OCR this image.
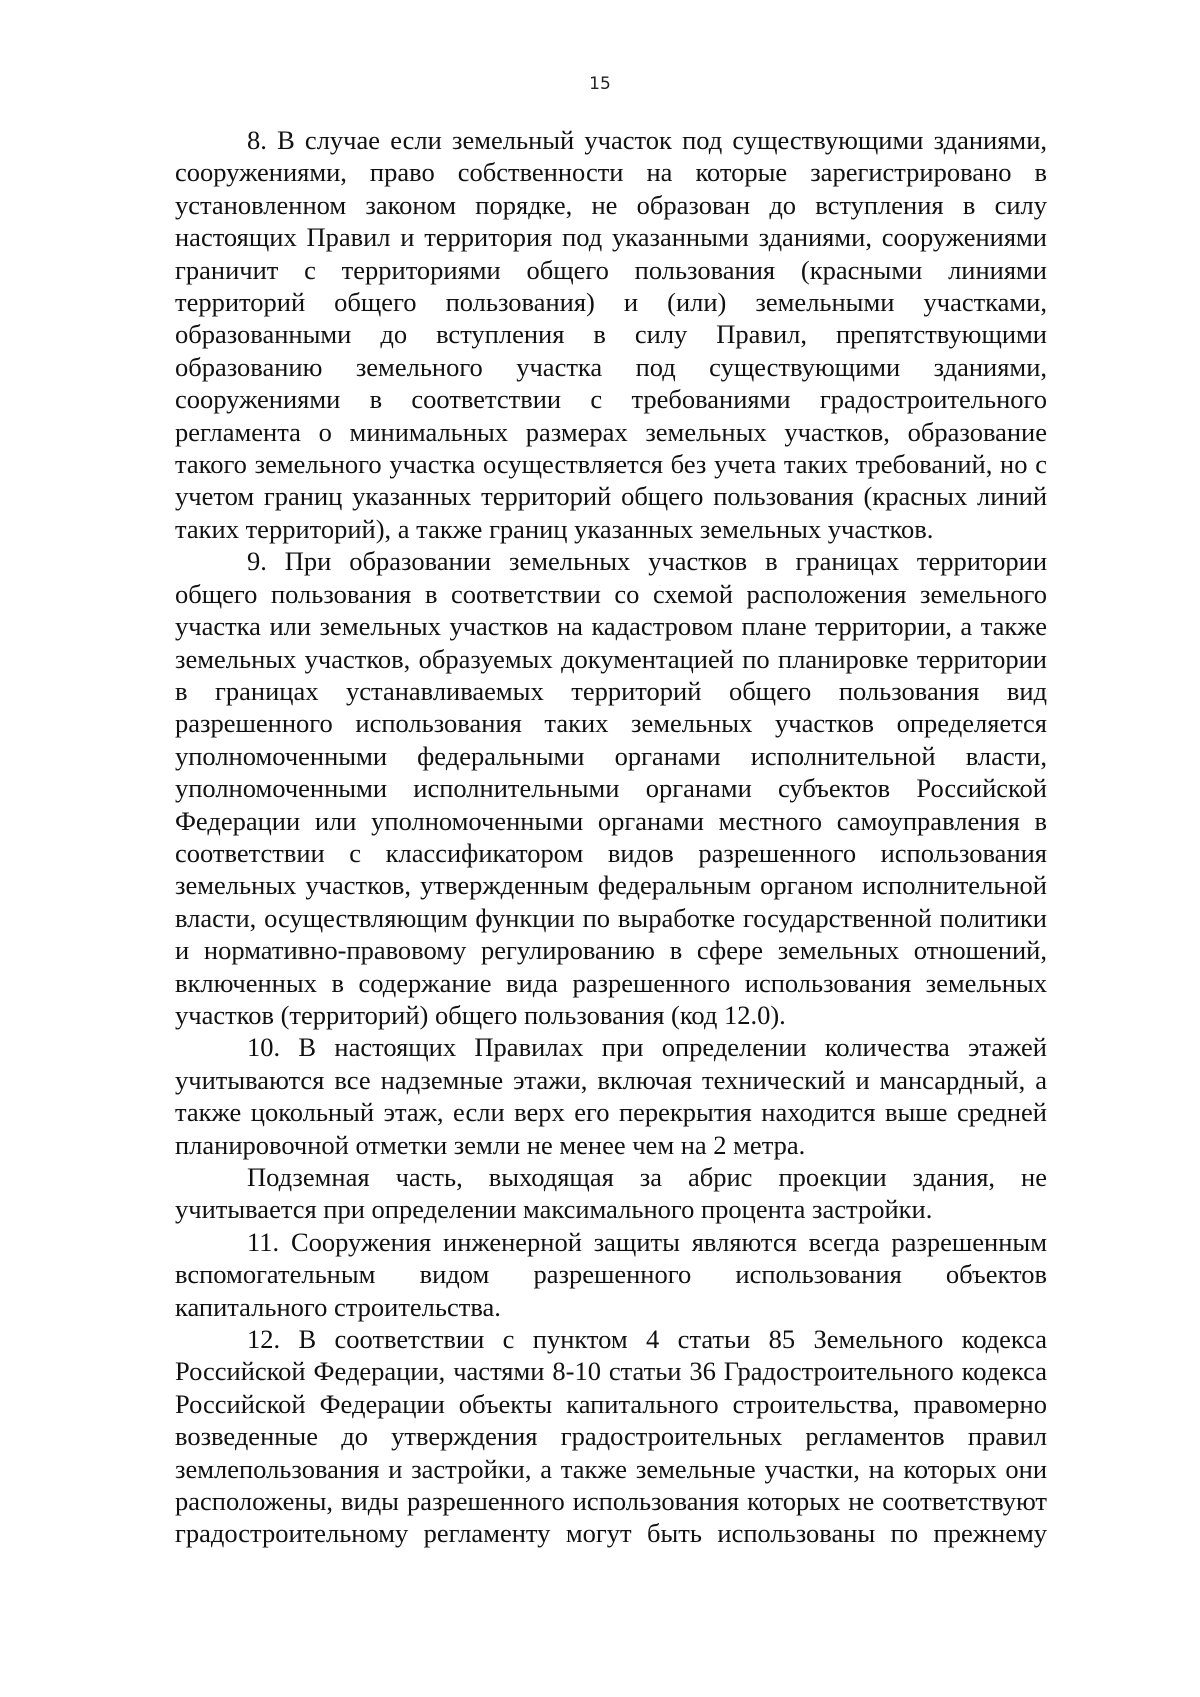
15

8. В случае если земельный участок под существующими зданиями, сооружениями, право собственности на которые зарегистрировано в установленном законом порядке, не образован до вступления в силу настоящих Правил и территория под указанными зданиями, сооружениями граничит с территориями общего пользования (красными линиями территорий общего пользования) и (или) земельными участками, образованными до вступления в силу Правил, препятствующими образованию земельного участка под существующими зданиями, сооружениями в соответствии с требованиями градостроительного регламента о минимальных размерах земельных участков, образование такого земельного участка осуществляется без учета таких требований, но с учетом границ указанных территорий общего пользования (красных линий таких территорий), а также границ указанных земельных участков.

9. При образовании земельных участков в границах территории общего пользования в соответствии со схемой расположения земельного участка или земельных участков на кадастровом плане территории, а также земельных участков, образуемых документацией по планировке территории в границах устанавливаемых территорий общего пользования вид разрешенного использования таких земельных участков определяется уполномоченными федеральными органами исполнительной власти, уполномоченными исполнительными органами субъектов Российской Федерации или уполномоченными органами местного самоуправления в соответствии с классификатором видов разрешенного использования земельных участков, утвержденным федеральным органом исполнительной власти, осуществляющим функции по выработке государственной политики и нормативно-правовому регулированию в сфере земельных отношений, включенных в содержание вида разрешенного использования земельных участков (территорий) общего пользования (код 12.0).

10. В настоящих Правилах при определении количества этажей учитываются все надземные этажи, включая технический и мансардный, а также цокольный этаж, если верх его перекрытия находится выше средней планировочной отметки земли не менее чем на 2 метра.

Подземная часть, выходящая за абрис проекции здания, не учитывается при определении максимального процента застройки.

11. Сооружения инженерной защиты являются всегда разрешенным вспомогательным видом разрешенного использования объектов капитального строительства.

12. В соответствии с пунктом 4 статьи 85 Земельного кодекса Российской Федерации, частями 8-10 статьи 36 Градостроительного кодекса Российской Федерации объекты капитального строительства, правомерно возведенные до утверждения градостроительных регламентов правил землепользования и застройки, а также земельные участки, на которых они расположены, виды разрешенного использования которых не соответствуют градостроительному регламенту могут быть использованы по прежнему
